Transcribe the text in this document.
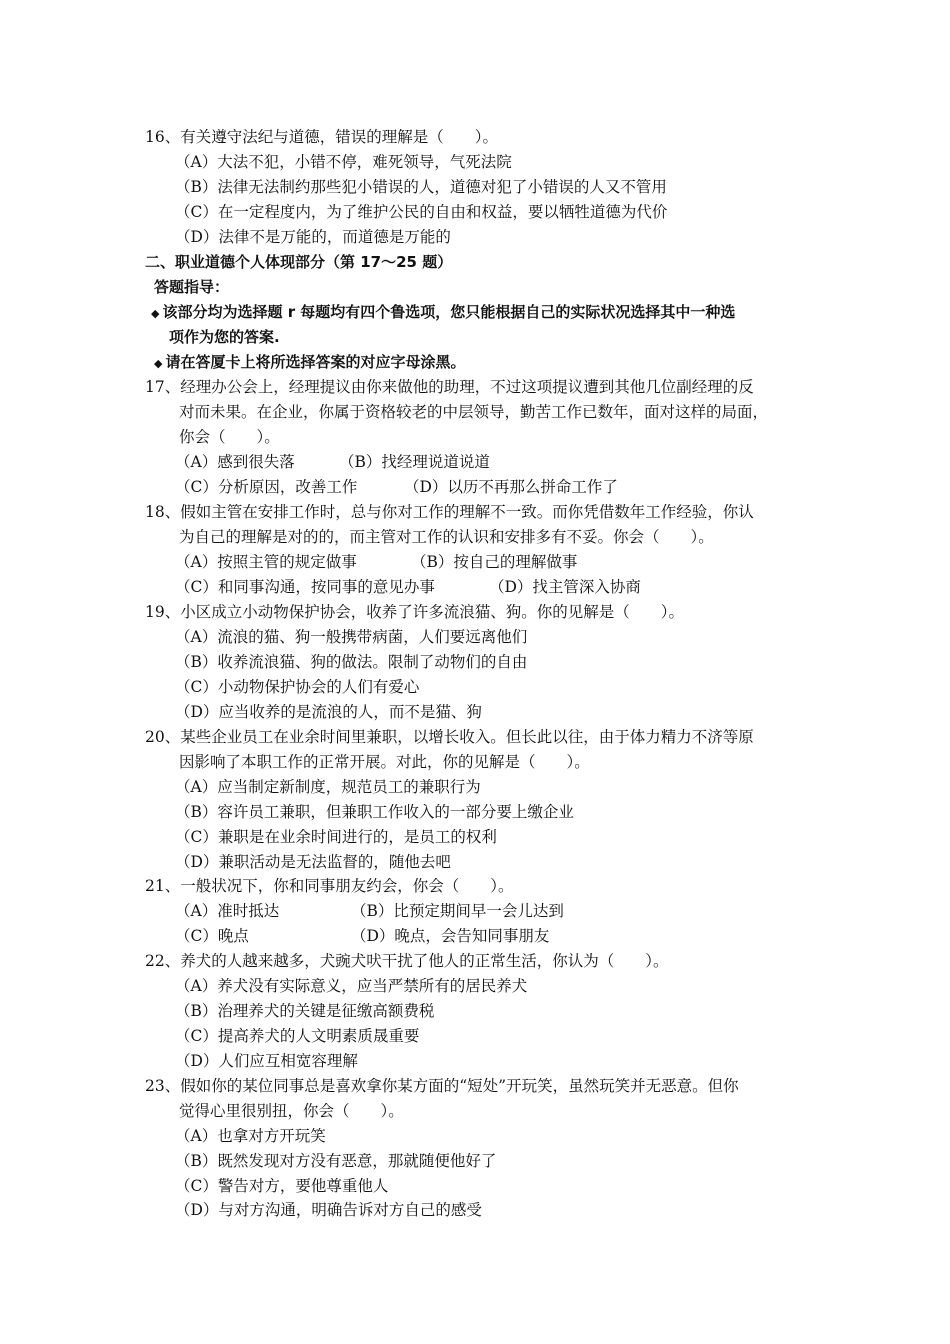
16、有关遵守法纪与道德，错误的理解是（　　）。
（A）大法不犯，小错不停，难死领导，气死法院
（B）法律无法制约那些犯小错误的人，道德对犯了小错误的人又不管用
（C）在一定程度内，为了维护公民的自由和权益，要以牺牲道德为代价
（D）法律不是万能的，而道德是万能的
二、职业道德个人体现部分（第 17～25 题）
答题指导：
◆ 该部分均为选择题 r 每题均有四个鲁选项，您只能根据自己的实际状况选择其中一种选
项作为您的答案.
◆ 请在答厦卡上将所选择答案的对应字母涂黑。
17、经理办公会上，经理提议由你来做他的助理，不过这项提议遭到其他几位副经理的反
对而未果。在企业，你属于资格较老的中层领导，勤苦工作已数年，面对这样的局面，
你会（　　）。
（A）感到很失落	（B）找经理说道说道
（C）分析原因，改善工作	（D）以历不再那么拼命工作了
18、假如主管在安排工作时，总与你对工作的理解不一致。而你凭借数年工作经验，你认
为自己的理解是对的的，而主管对工作的认识和安排多有不妥。你会（　　）。
（A）按照主管的规定做事	（B）按自己的理解做事
（C）和同事沟通，按同事的意见办事	（D）找主管深入协商
19、小区成立小动物保护协会，收养了许多流浪猫、狗。你的见解是（　　）。
（A）流浪的猫、狗一般携带病菌，人们要远离他们
（B）收养流浪猫、狗的做法。限制了动物们的自由
（C）小动物保护协会的人们有爱心
（D）应当收养的是流浪的人，而不是猫、狗
20、某些企业员工在业余时间里兼职，以增长收入。但长此以往，由于体力精力不济等原
因影响了本职工作的正常开展。对此，你的见解是（　　）。
（A）应当制定新制度，规范员工的兼职行为
（B）容许员工兼职，但兼职工作收入的一部分要上缴企业
（C）兼职是在业余时间进行的，是员工的权利
（D）兼职活动是无法监督的，随他去吧
21、一般状况下，你和同事朋友约会，你会（　　）。
（A）准时抵达	（B）比预定期间早一会儿达到
（C）晚点	（D）晚点，会告知同事朋友
22、养犬的人越来越多，犬豌犬吠干扰了他人的正常生活，你认为（　　）。
（A）养犬没有实际意义，应当严禁所有的居民养犬
（B）治理养犬的关键是征缴高额费税
（C）提高养犬的人文明素质晟重要
（D）人们应互相宽容理解
23、假如你的某位同事总是喜欢拿你某方面的“短处”开玩笑，虽然玩笑并无恶意。但你
觉得心里很别扭，你会（　　）。
（A）也拿对方开玩笑
（B）既然发现对方没有恶意，那就随便他好了
（C）警告对方，要他尊重他人
（D）与对方沟通，明确告诉对方自己的感受
